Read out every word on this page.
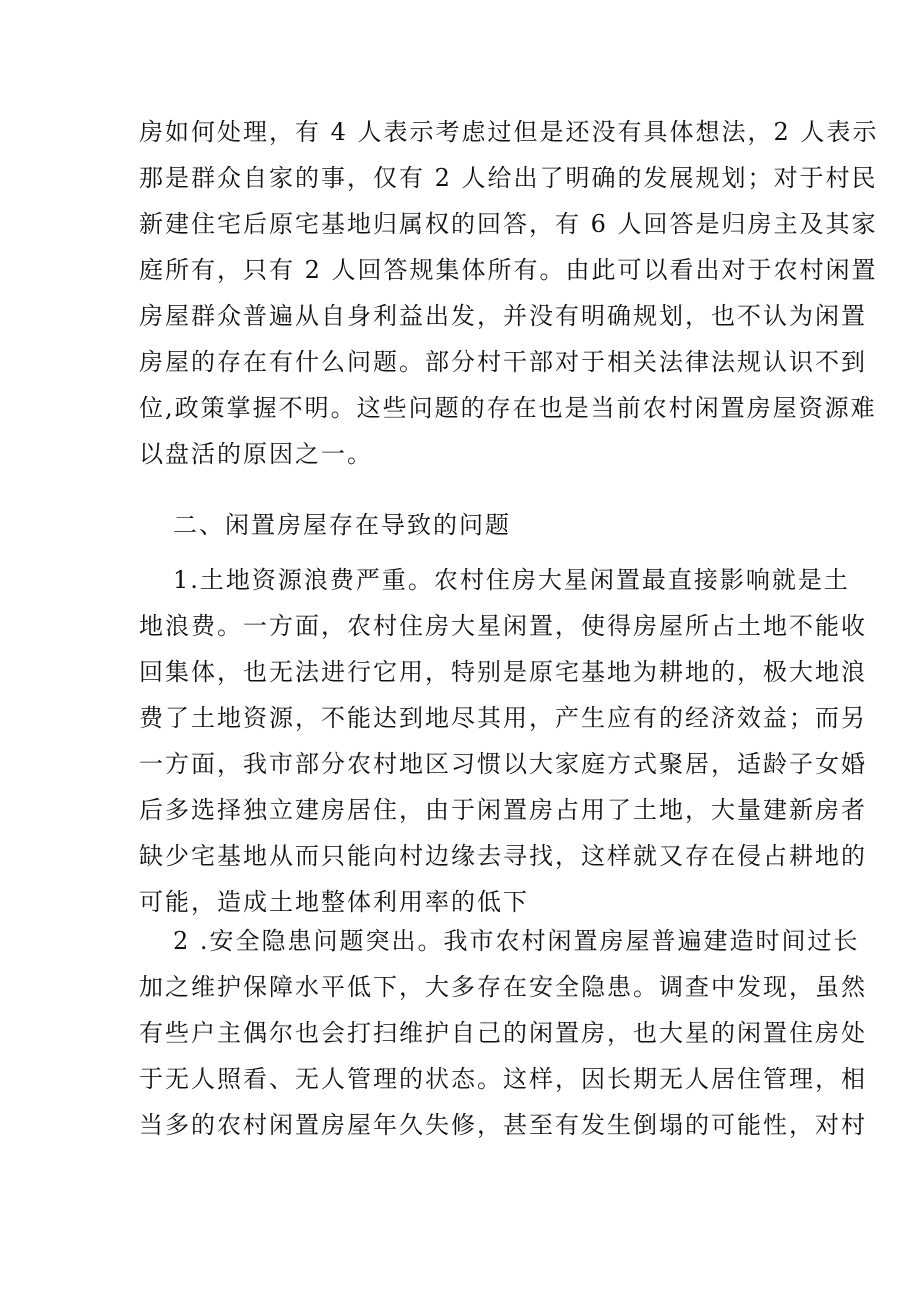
房如何处理，有 4 人表示考虑过但是还没有具体想法，2 人表示
那是群众自家的事，仅有 2 人给出了明确的发展规划；对于村民
新建住宅后原宅基地归属权的回答，有 6 人回答是归房主及其家
庭所有，只有 2 人回答规集体所有。由此可以看出对于农村闲置
房屋群众普遍从自身利益出发，并没有明确规划，也不认为闲置
房屋的存在有什么问题。部分村干部对于相关法律法规认识不到
位,政策掌握不明。这些问题的存在也是当前农村闲置房屋资源难
以盘活的原因之一。
二、闲置房屋存在导致的问题
1.土地资源浪费严重。农村住房大星闲置最直接影响就是土
地浪费。一方面，农村住房大星闲置，使得房屋所占土地不能收
回集体，也无法进行它用，特别是原宅基地为耕地的，极大地浪
费了土地资源，不能达到地尽其用，产生应有的经济效益；而另
一方面，我市部分农村地区习惯以大家庭方式聚居，适龄子女婚
后多选择独立建房居住，由于闲置房占用了土地，大量建新房者
缺少宅基地从而只能向村边缘去寻找，这样就又存在侵占耕地的
可能，造成土地整体利用率的低下
2 .安全隐患问题突出。我市农村闲置房屋普遍建造时间过长
加之维护保障水平低下，大多存在安全隐患。调查中发现，虽然
有些户主偶尔也会打扫维护自己的闲置房，也大星的闲置住房处
于无人照看、无人管理的状态。这样，因长期无人居住管理，相
当多的农村闲置房屋年久失修，甚至有发生倒塌的可能性，对村
